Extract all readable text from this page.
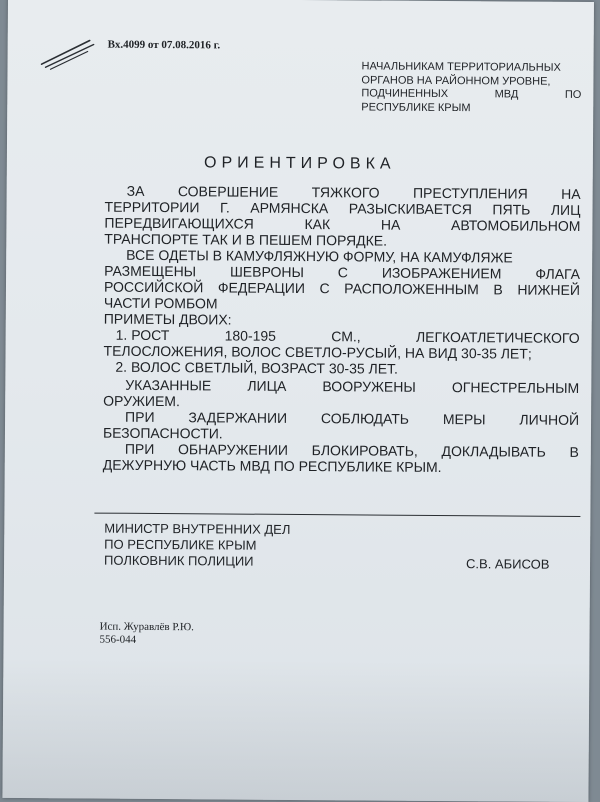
Вх.4099 от 07.08.2016 г.
НАЧАЛЬНИКАМ ТЕРРИТОРИАЛЬНЫХ
ОРГАНОВ НА РАЙОННОМ УРОВНЕ,
ПОДЧИНЕННЫХ	МВД	ПО
РЕСПУБЛИКЕ КРЫМ
ОРИЕНТИРОВКА
ЗА СОВЕРШЕНИЕ ТЯЖКОГО ПРЕСТУПЛЕНИЯ НА
ТЕРРИТОРИИ Г. АРМЯНСКА РАЗЫСКИВАЕТСЯ ПЯТЬ ЛИЦ
ПЕРЕДВИГАЮЩИХСЯ	КАК	НА	АВТОМОБИЛЬНОМ
ТРАНСПОРТЕ ТАК И В ПЕШЕМ ПОРЯДКЕ.
ВСЕ ОДЕТЫ В КАМУФЛЯЖНУЮ ФОРМУ, НА КАМУФЛЯЖЕ
РАЗМЕЩЕНЫ ШЕВРОНЫ С ИЗОБРАЖЕНИЕМ ФЛАГА
РОССИЙСКОЙ ФЕДЕРАЦИИ С РАСПОЛОЖЕННЫМ В НИЖНЕЙ
ЧАСТИ РОМБОМ
ПРИМЕТЫ ДВОИХ:
1. РОСТ	180-195	СМ.,	ЛЕГКОАТЛЕТИЧЕСКОГО
ТЕЛОСЛОЖЕНИЯ, ВОЛОС СВЕТЛО-РУСЫЙ, НА ВИД 30-35 ЛЕТ;
2. ВОЛОС СВЕТЛЫЙ, ВОЗРАСТ 30-35 ЛЕТ.
УКАЗАННЫЕ	ЛИЦА	ВООРУЖЕНЫ	ОГНЕСТРЕЛЬНЫМ
ОРУЖИЕМ.
ПРИ ЗАДЕРЖАНИИ СОБЛЮДАТЬ МЕРЫ ЛИЧНОЙ
БЕЗОПАСНОСТИ.
ПРИ ОБНАРУЖЕНИИ БЛОКИРОВАТЬ, ДОКЛАДЫВАТЬ В
ДЕЖУРНУЮ ЧАСТЬ МВД ПО РЕСПУБЛИКЕ КРЫМ.
МИНИСТР ВНУТРЕННИХ ДЕЛ
ПО РЕСПУБЛИКЕ КРЫМ
ПОЛКОВНИК ПОЛИЦИИ	С.В. АБИСОВ
Исп. Журавлёв Р.Ю.
556-044
